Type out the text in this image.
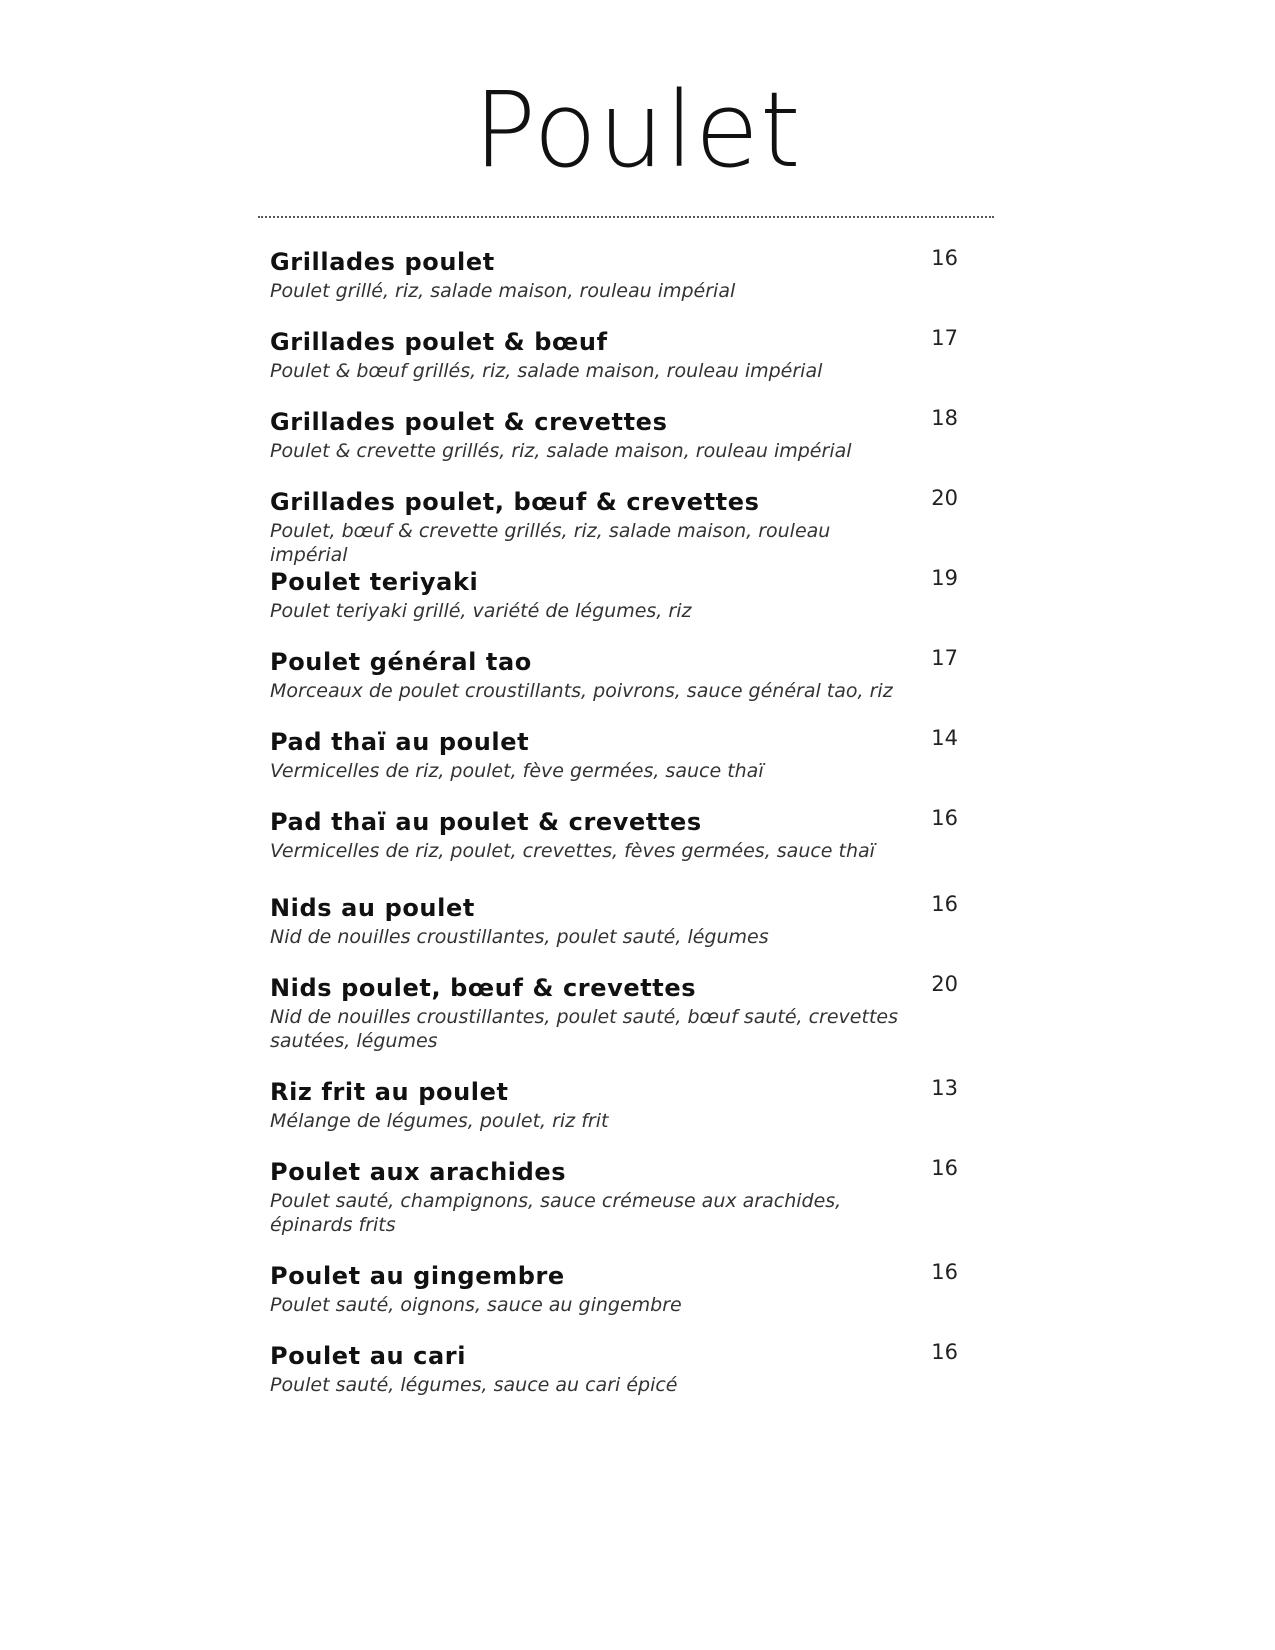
Poulet
Grillades poulet	16
Poulet grillé, riz, salade maison, rouleau impérial
Grillades poulet & bœuf	17
Poulet & bœuf grillés, riz, salade maison, rouleau impérial
Grillades poulet & crevettes	18
Poulet & crevette grillés, riz, salade maison, rouleau impérial
Grillades poulet, bœuf & crevettes	20
Poulet, bœuf & crevette grillés, riz, salade maison, rouleau impérial
Poulet teriyaki	19
Poulet teriyaki grillé, variété de légumes, riz
Poulet général tao	17
Morceaux de poulet croustillants, poivrons, sauce général tao, riz
Pad thaï au poulet	14
Vermicelles de riz, poulet, fève germées, sauce thaï
Pad thaï au poulet & crevettes	16
Vermicelles de riz, poulet, crevettes, fèves germées, sauce thaï
Nids au poulet	16
Nid de nouilles croustillantes, poulet sauté, légumes
Nids poulet, bœuf & crevettes	20
Nid de nouilles croustillantes, poulet sauté, bœuf sauté, crevettes sautées, légumes
Riz frit au poulet	13
Mélange de légumes, poulet, riz frit
Poulet aux arachides	16
Poulet sauté, champignons, sauce crémeuse aux arachides, épinards frits
Poulet au gingembre	16
Poulet sauté, oignons, sauce au gingembre
Poulet au cari	16
Poulet sauté, légumes, sauce au cari épicé
